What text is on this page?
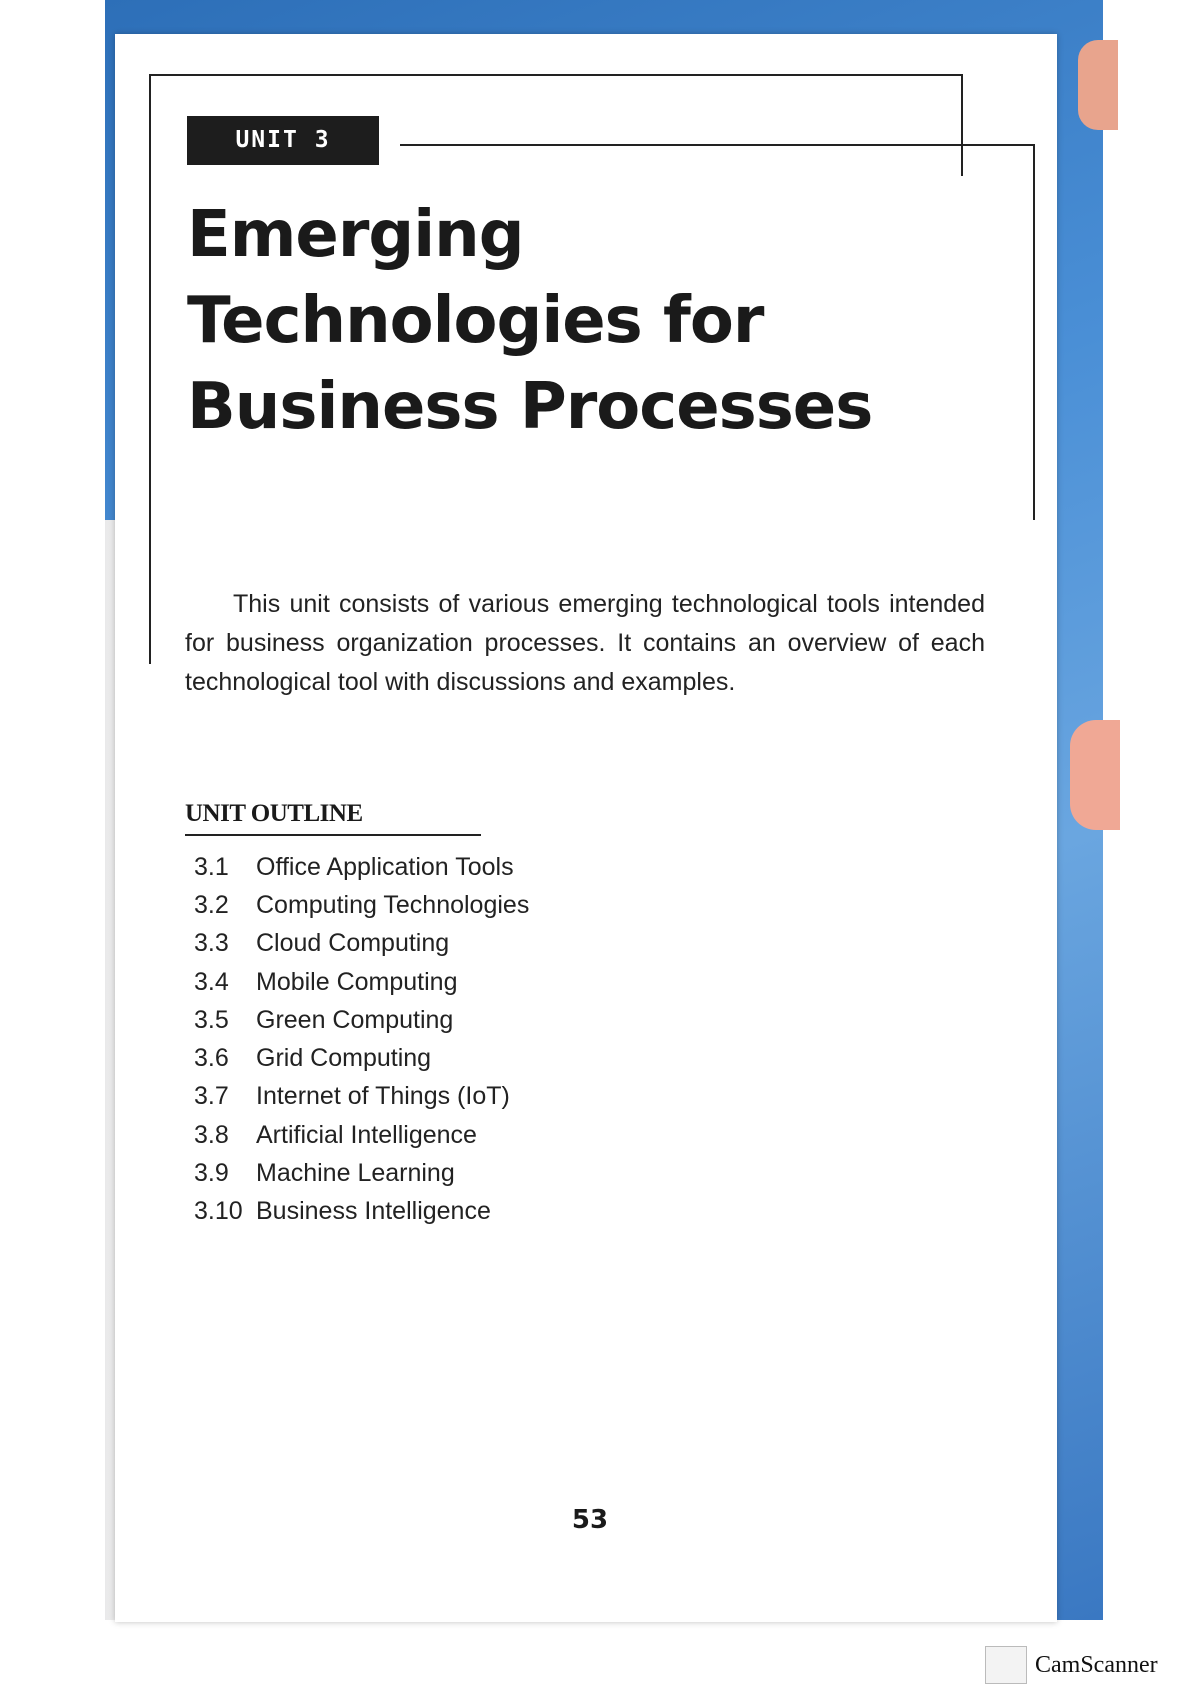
UNIT 3
Emerging
Technologies for
Business Processes

This unit consists of various emerging technological tools intended for business organization processes. It contains an overview of each technological tool with discussions and examples.

UNIT OUTLINE
3.1	Office Application Tools
3.2	Computing Technologies
3.3	Cloud Computing
3.4	Mobile Computing
3.5	Green Computing
3.6	Grid Computing
3.7	Internet of Things (IoT)
3.8	Artificial Intelligence
3.9	Machine Learning
3.10 Business Intelligence
53
CamScanner
